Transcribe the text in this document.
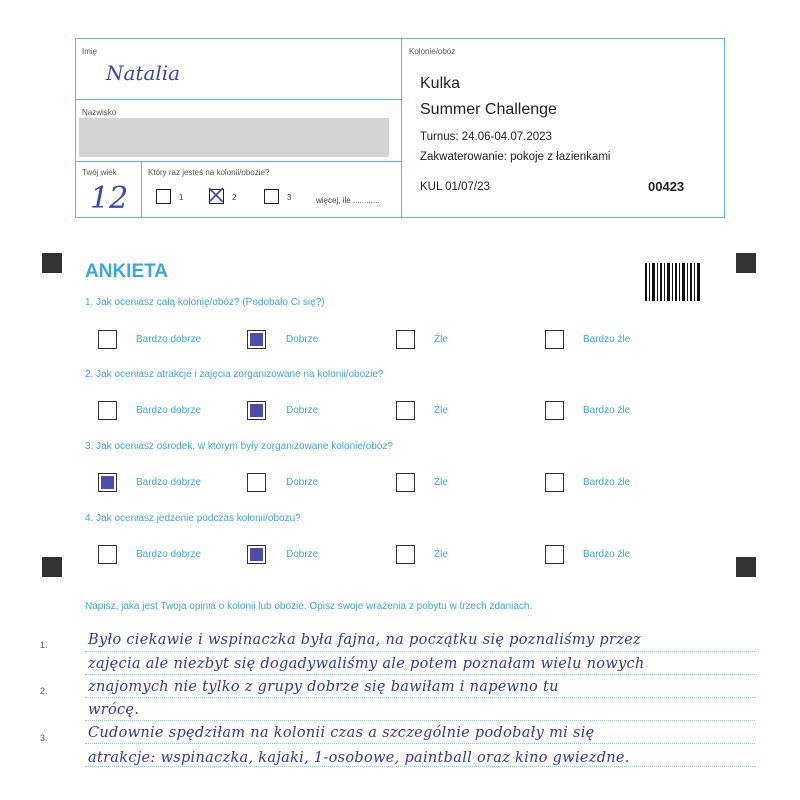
Imię
Natalia
Nazwisko
Twój wiek
12
Który raz jesteś na kolonii/obozie?
1	2	3	więcej, ile ............
Kolonie/obóz
Kulka
Summer Challenge
Turnus: 24.06-04.07.2023
Zakwaterowanie: pokoje z łazienkami
KUL 01/07/23	00423
ANKIETA
1. Jak oceniasz całą kolonię/obóz? (Podobało Ci się?)
Bardzo dobrze	Dobrze	Źle	Bardzo źle
2. Jak oceniasz atrakcje i zajęcia zorganizowane na kolonii/obozie?
Bardzo dobrze	Dobrze	Źle	Bardzo źle
3. Jak oceniasz ośrodek, w którym były zorganizowane kolonie/obóz?
Bardzo dobrze	Dobrze	Źle	Bardzo źle
4. Jak oceniasz jedzenie podczas kolonii/obozu?
Bardzo dobrze	Dobrze	Źle	Bardzo źle
Napisz, jaka jest Twoja opinia o kolonii lub obozie. Opisz swoje wrażenia z pobytu w trzech zdaniach.
1.
2.
3.
Było ciekawie i wspinaczka była fajna, na początku się poznaliśmy przez
zajęcia ale niezbyt się dogadywaliśmy ale potem poznałam wielu nowych
znajomych nie tylko z grupy dobrze się bawiłam i napewno tu
wrócę.
Cudownie spędziłam na kolonii czas a szczególnie podobały mi się
atrakcje: wspinaczka, kajaki, 1-osobowe, paintball oraz kino gwiezdne.
